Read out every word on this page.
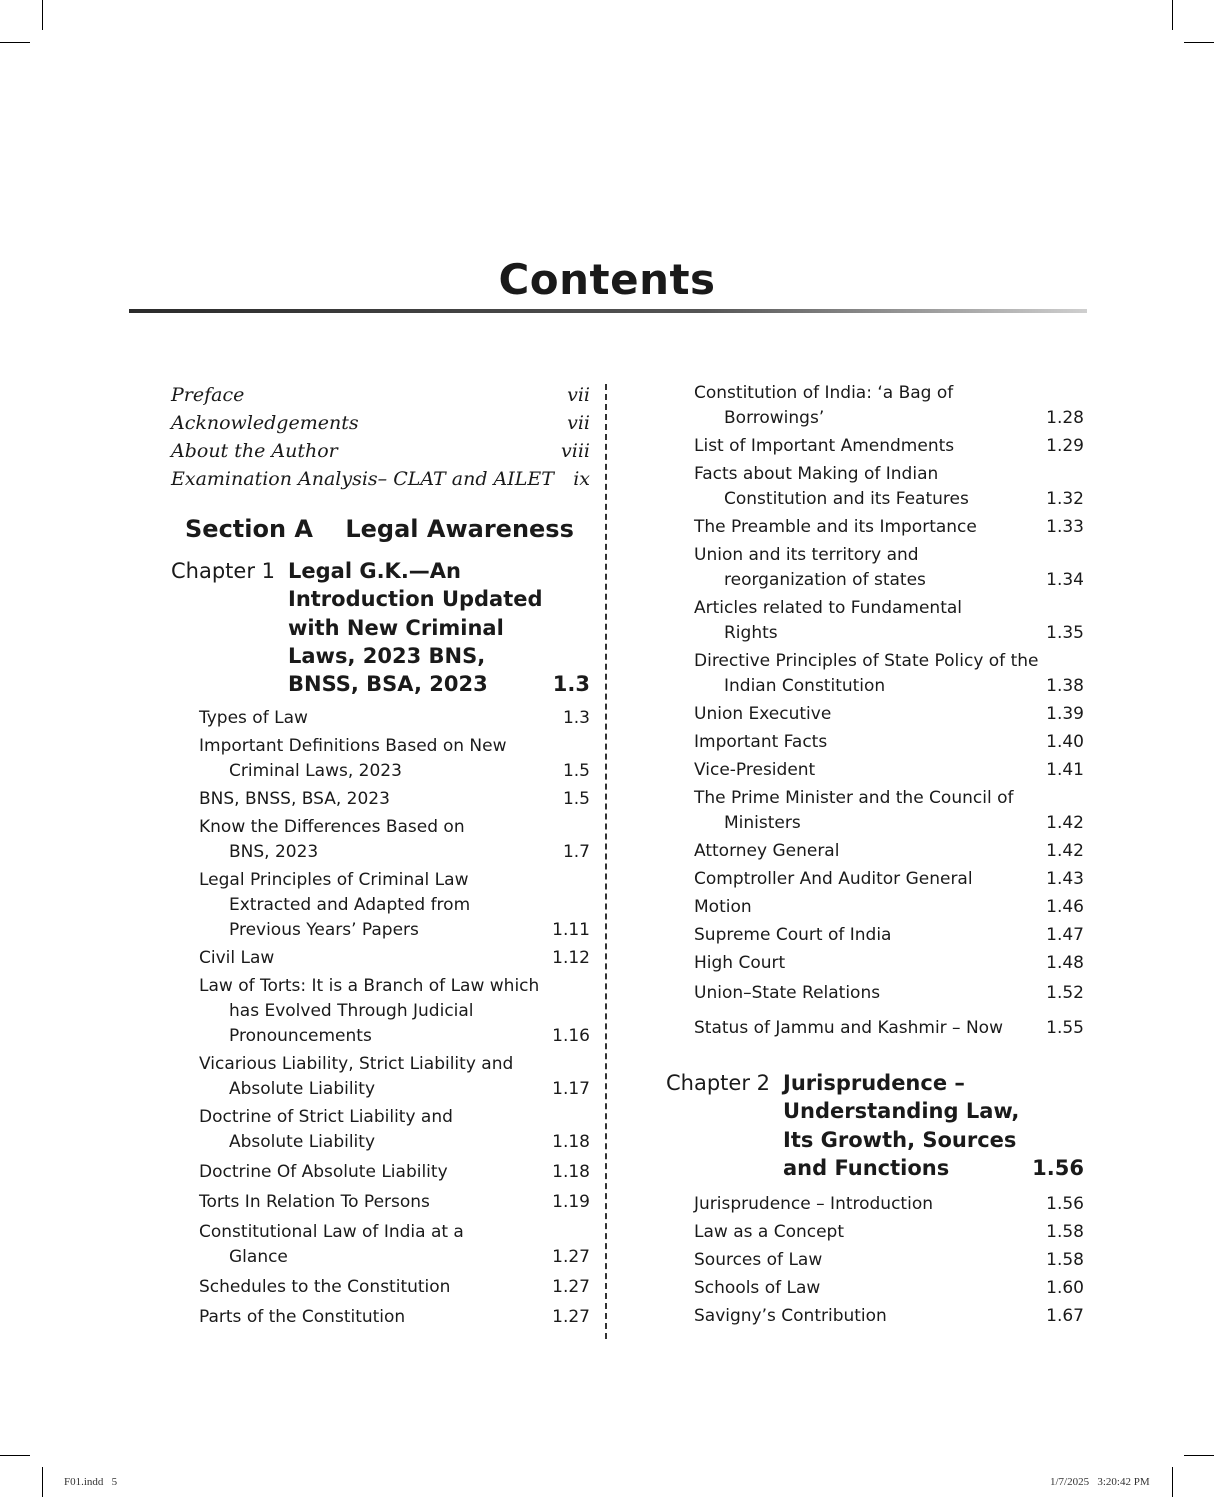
Contents
Preface	vii
Acknowledgements	vii
About the Author	viii
Examination Analysis– CLAT and AILET	ix
Section A Legal Awareness
Chapter 1 Legal G.K.—An Introduction Updated with New Criminal Laws, 2023 BNS, BNSS, BSA, 2023	1.3
Types of Law	1.3
Important Definitions Based on New Criminal Laws, 2023	1.5
BNS, BNSS, BSA, 2023	1.5
Know the Differences Based on BNS, 2023	1.7
Legal Principles of Criminal Law Extracted and Adapted from Previous Years’ Papers	1.11
Civil Law	1.12
Law of Torts: It is a Branch of Law which has Evolved Through Judicial Pronouncements	1.16
Vicarious Liability, Strict Liability and Absolute Liability	1.17
Doctrine of Strict Liability and Absolute Liability	1.18
Doctrine Of Absolute Liability	1.18
Torts In Relation To Persons	1.19
Constitutional Law of India at a Glance	1.27
Schedules to the Constitution	1.27
Parts of the Constitution	1.27
Constitution of India: ‘a Bag of Borrowings’	1.28
List of Important Amendments	1.29
Facts about Making of Indian Constitution and its Features	1.32
The Preamble and its Importance	1.33
Union and its territory and reorganization of states	1.34
Articles related to Fundamental Rights	1.35
Directive Principles of State Policy of the Indian Constitution	1.38
Union Executive	1.39
Important Facts	1.40
Vice-President	1.41
The Prime Minister and the Council of Ministers	1.42
Attorney General	1.42
Comptroller And Auditor General	1.43
Motion	1.46
Supreme Court of India	1.47
High Court	1.48
Union–State Relations	1.52
Status of Jammu and Kashmir – Now	1.55
Chapter 2 Jurisprudence – Understanding Law, Its Growth, Sources and Functions	1.56
Jurisprudence – Introduction	1.56
Law as a Concept	1.58
Sources of Law	1.58
Schools of Law	1.60
Savigny’s Contribution	1.67
F01.indd   5	1/7/2025   3:20:42 PM
